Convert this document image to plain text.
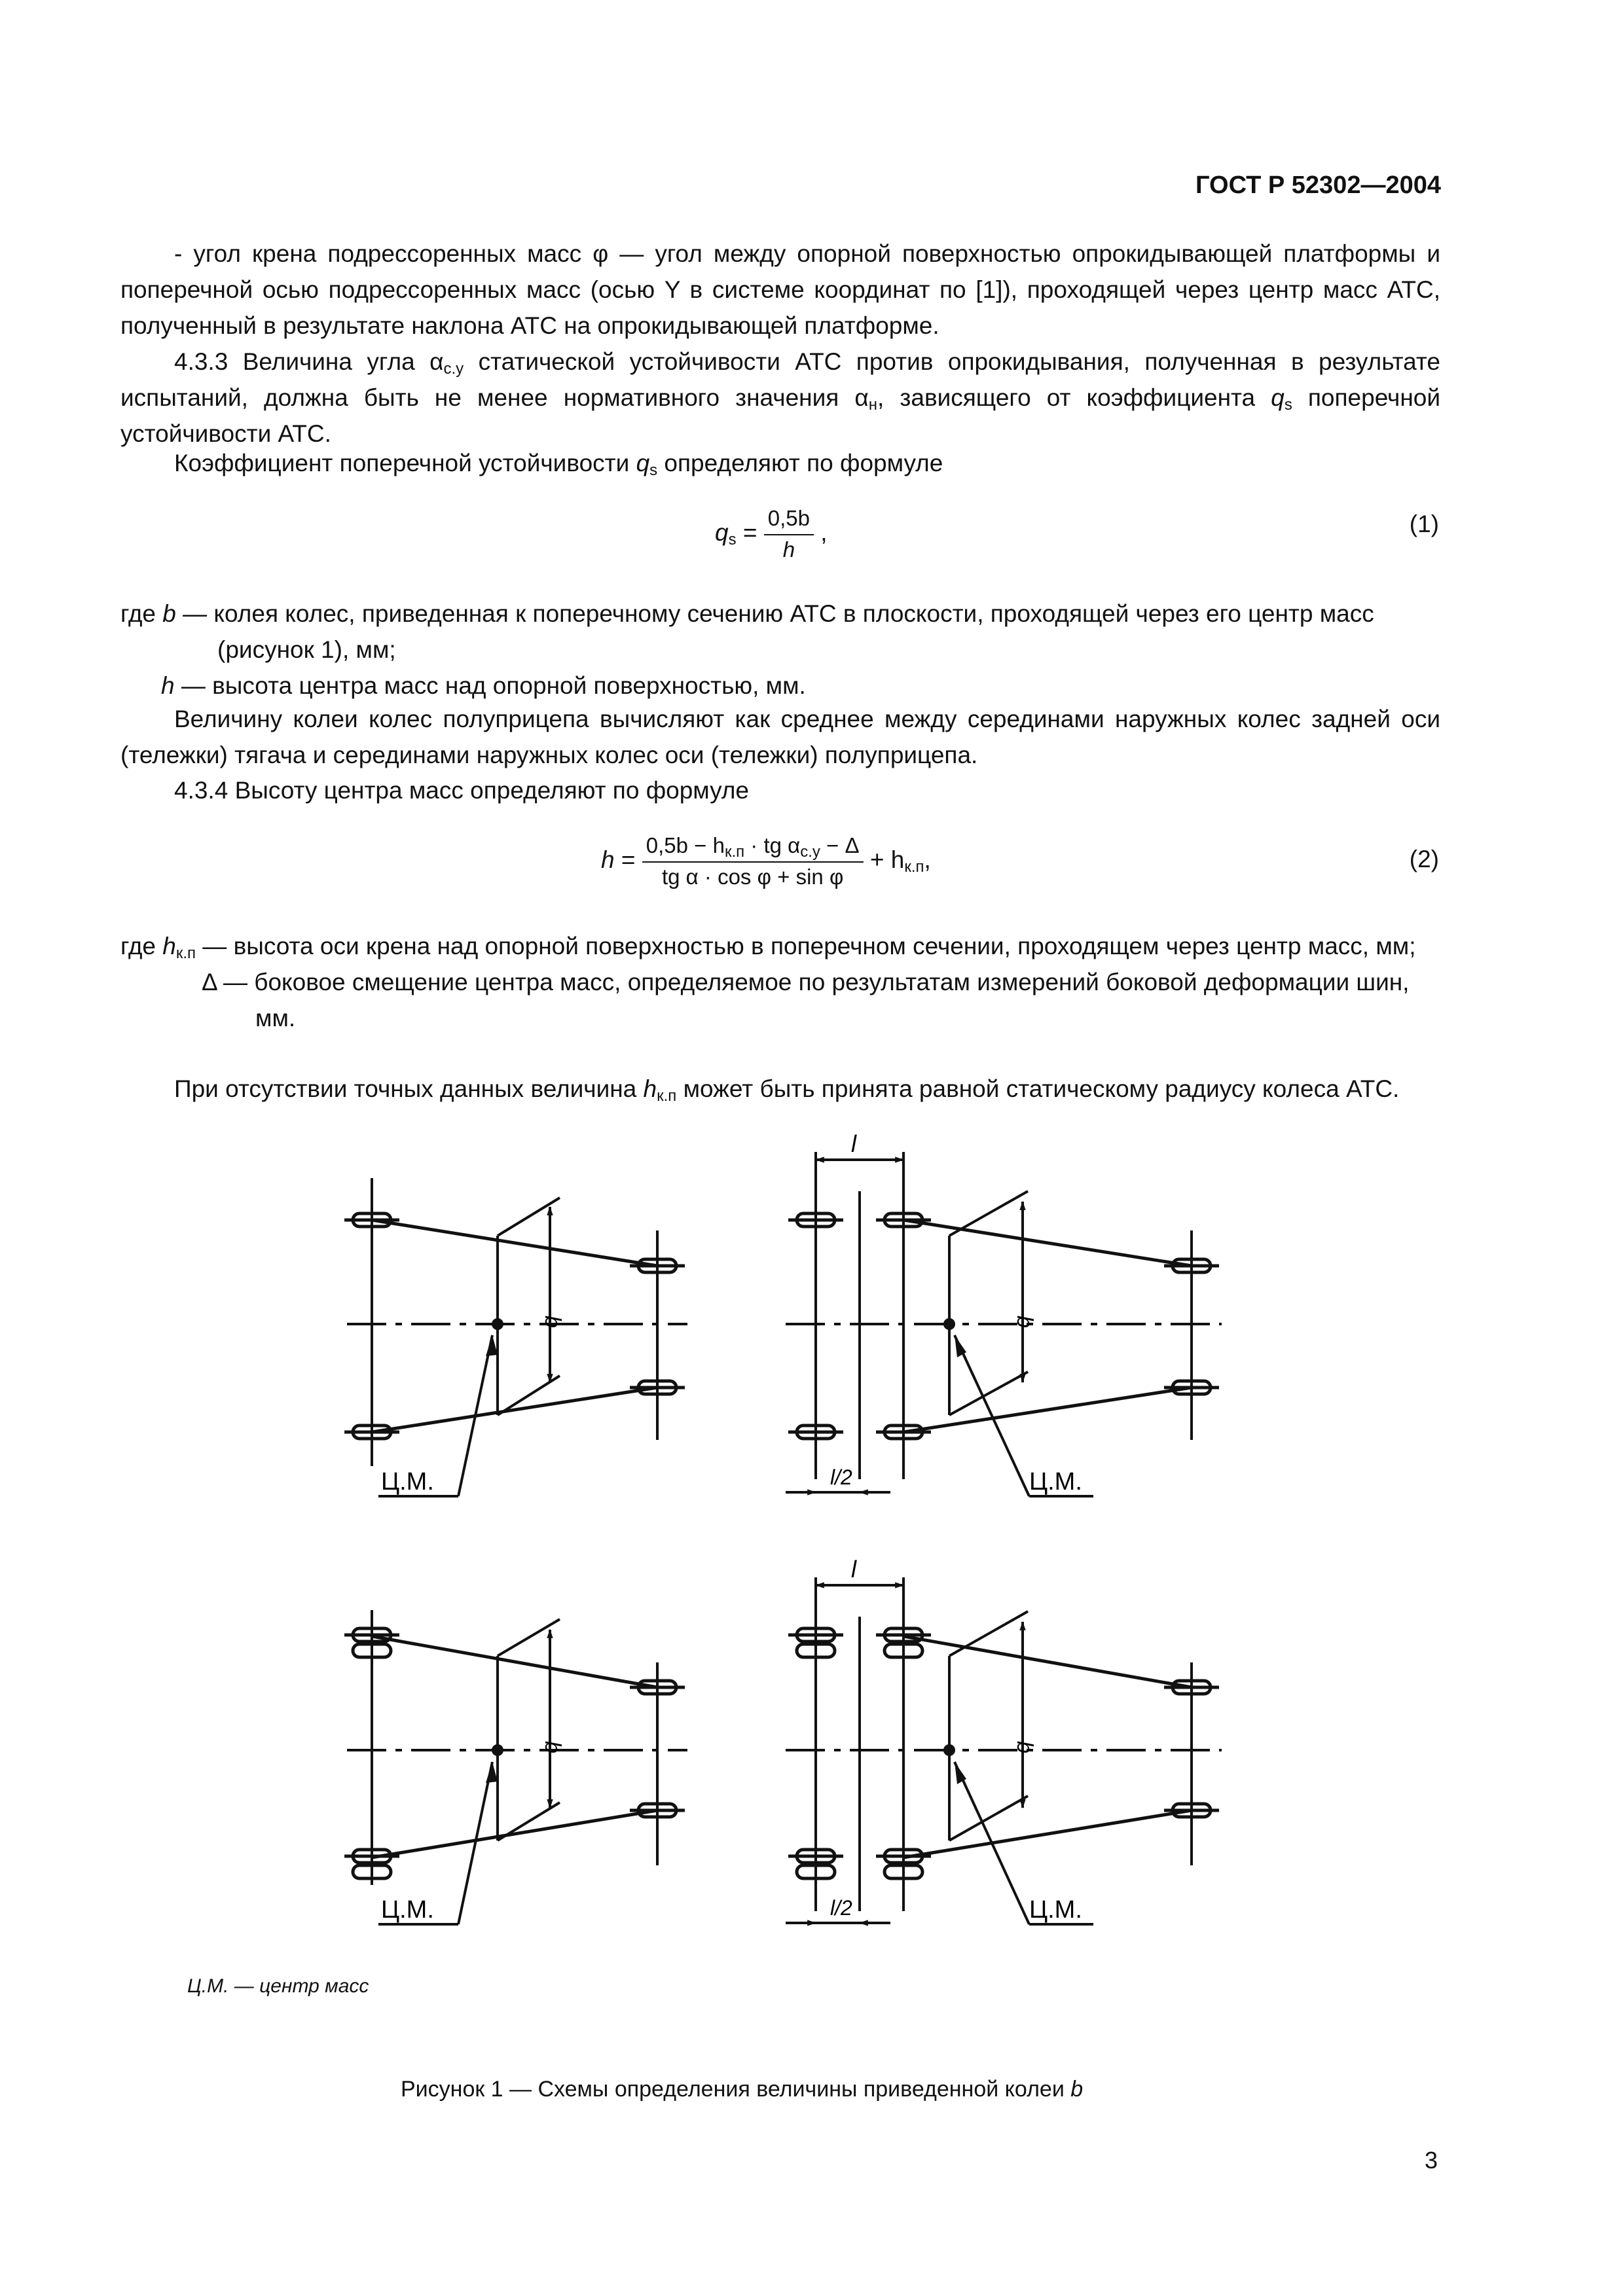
ГОСТ Р 52302—2004

- угол крена подрессоренных масс φ — угол между опорной поверхностью опрокидывающей платформы и поперечной осью подрессоренных масс (осью Y в системе координат по [1]), проходящей через центр масс АТС, полученный в результате наклона АТС на опрокидывающей платформе.

4.3.3 Величина угла $\alpha_{с.у}$ статической устойчивости АТС против опрокидывания, полученная в результате испытаний, должна быть не менее нормативного значения $\alpha_н$, зависящего от коэффициента $q_s$ поперечной устойчивости АТС.

Коэффициент поперечной устойчивости $q_s$ определяют по формуле

$q_s = \frac{0,5b}{h}$ ,	(1)
где b — колея колес, приведенная к поперечному сечению АТС в плоскости, проходящей через его центр масс (рисунок 1), мм;
h — высота центра масс над опорной поверхностью, мм.

Величину колеи колес полуприцепа вычисляют как среднее между серединами наружных колес задней оси (тележки) тягача и серединами наружных колес оси (тележки) полуприцепа.

4.3.4 Высоту центра масс определяют по формуле

$h = \frac{0,5b - h_{к.п} \cdot tg \alpha_{с.у} - \Delta}{\text{tg α · cos φ + sin φ}} + h_{к.п}$,	(2)
где $h_{к.п}$ — высота оси крена над опорной поверхностью в поперечном сечении, проходящем через центр масс, мм;
Δ — боковое смещение центра масс, определяемое по результатам измерений боковой деформации шин, мм.

При отсутствии точных данных величина $h_{к.п}$ может быть принята равной статическому радиусу колеса АТС.

b
Ц.М.
l
b
l/2	Ц.М.
b
Ц.М.
l
b
l/2	Ц.М.
Ц.М. — центр масс
Рисунок 1 — Схемы определения величины приведенной колеи b
3
